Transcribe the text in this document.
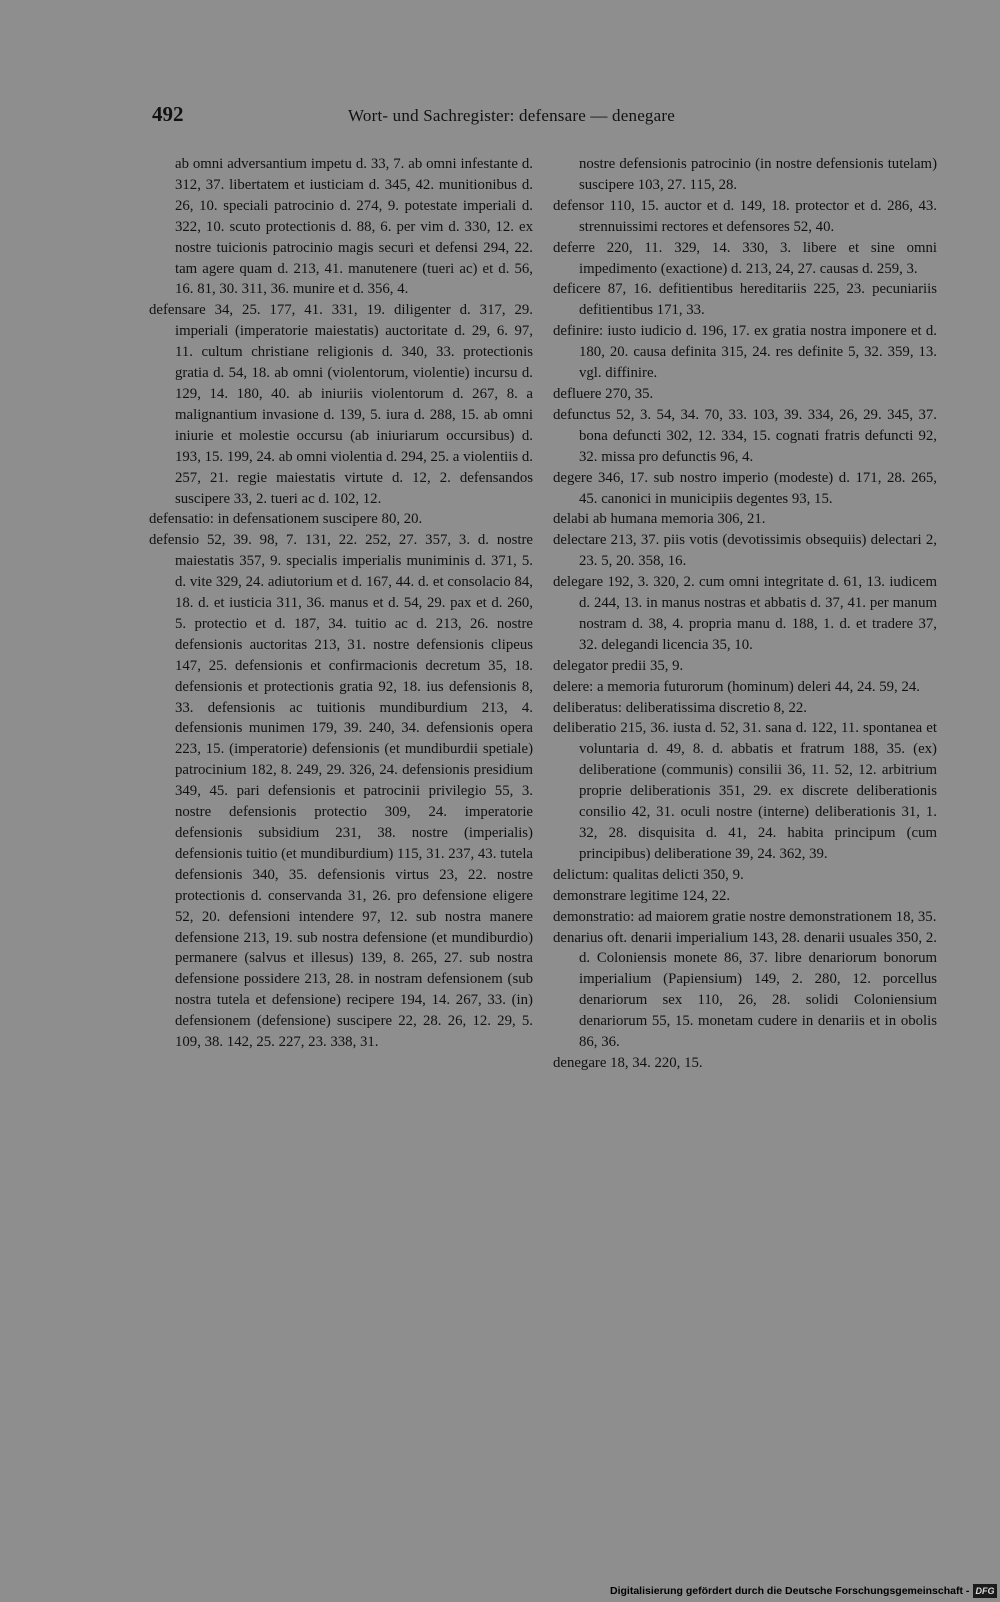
492	Wort- und Sachregister: defensare — denegare

ab omni adversantium impetu d. 33, 7. ab omni infestante d. 312, 37. libertatem et iusticiam d. 345, 42. munitionibus d. 26, 10. speciali patrocinio d. 274, 9. potestate imperiali d. 322, 10. scuto protectionis d. 88, 6. per vim d. 330, 12. ex nostre tuicionis patrocinio magis securi et defensi 294, 22. tam agere quam d. 213, 41. manutenere (tueri ac) et d. 56, 16. 81, 30. 311, 36. munire et d. 356, 4.

defensare 34, 25. 177, 41. 331, 19. diligenter d. 317, 29. imperiali (imperatorie maiestatis) auctoritate d. 29, 6. 97, 11. cultum christiane religionis d. 340, 33. protectionis gratia d. 54, 18. ab omni (violentorum, violentie) incursu d. 129, 14. 180, 40. ab iniuriis violentorum d. 267, 8. a malignantium invasione d. 139, 5. iura d. 288, 15. ab omni iniurie et molestie occursu (ab iniuriarum occursibus) d. 193, 15. 199, 24. ab omni violentia d. 294, 25. a violentiis d. 257, 21. regie maiestatis virtute d. 12, 2. defensandos suscipere 33, 2. tueri ac d. 102, 12.

defensatio: in defensationem suscipere 80, 20.

defensio 52, 39. 98, 7. 131, 22. 252, 27. 357, 3. d. nostre maiestatis 357, 9. specialis imperialis muniminis d. 371, 5. d. vite 329, 24. adiutorium et d. 167, 44. d. et consolacio 84, 18. d. et iusticia 311, 36. manus et d. 54, 29. pax et d. 260, 5. protectio et d. 187, 34. tuitio ac d. 213, 26. nostre defensionis auctoritas 213, 31. nostre defensionis clipeus 147, 25. defensionis et confirmacionis decretum 35, 18. defensionis et protectionis gratia 92, 18. ius defensionis 8, 33. defensionis ac tuitionis mundiburdium 213, 4. defensionis munimen 179, 39. 240, 34. defensionis opera 223, 15. (imperatorie) defensionis (et mundiburdii spetiale) patrocinium 182, 8. 249, 29. 326, 24. defensionis presidium 349, 45. pari defensionis et patrocinii privilegio 55, 3. nostre defensionis protectio 309, 24. imperatorie defensionis subsidium 231, 38. nostre (imperialis) defensionis tuitio (et mundiburdium) 115, 31. 237, 43. tutela defensionis 340, 35. defensionis virtus 23, 22. nostre protectionis d. conservanda 31, 26. pro defensione eligere 52, 20. defensioni intendere 97, 12. sub nostra manere defensione 213, 19. sub nostra defensione (et mundiburdio) permanere (salvus et illesus) 139, 8. 265, 27. sub nostra defensione possidere 213, 28. in nostram defensionem (sub nostra tutela et defensione) recipere 194, 14. 267, 33. (in) defensionem (defensione) suscipere 22, 28. 26, 12. 29, 5. 109, 38. 142, 25. 227, 23. 338, 31.

nostre defensionis patrocinio (in nostre defensionis tutelam) suscipere 103, 27. 115, 28.

defensor 110, 15. auctor et d. 149, 18. protector et d. 286, 43. strennuissimi rectores et defensores 52, 40.

deferre 220, 11. 329, 14. 330, 3. libere et sine omni impedimento (exactione) d. 213, 24, 27. causas d. 259, 3.

deficere 87, 16. defitientibus hereditariis 225, 23. pecuniariis defitientibus 171, 33.

definire: iusto iudicio d. 196, 17. ex gratia nostra imponere et d. 180, 20. causa definita 315, 24. res definite 5, 32. 359, 13. vgl. diffinire.

defluere 270, 35.

defunctus 52, 3. 54, 34. 70, 33. 103, 39. 334, 26, 29. 345, 37. bona defuncti 302, 12. 334, 15. cognati fratris defuncti 92, 32. missa pro defunctis 96, 4.

degere 346, 17. sub nostro imperio (modeste) d. 171, 28. 265, 45. canonici in municipiis degentes 93, 15.

delabi ab humana memoria 306, 21.

delectare 213, 37. piis votis (devotissimis obsequiis) delectari 2, 23. 5, 20. 358, 16.

delegare 192, 3. 320, 2. cum omni integritate d. 61, 13. iudicem d. 244, 13. in manus nostras et abbatis d. 37, 41. per manum nostram d. 38, 4. propria manu d. 188, 1. d. et tradere 37, 32. delegandi licencia 35, 10.

delegator predii 35, 9.

delere: a memoria futurorum (hominum) deleri 44, 24. 59, 24.

deliberatus: deliberatissima discretio 8, 22.

deliberatio 215, 36. iusta d. 52, 31. sana d. 122, 11. spontanea et voluntaria d. 49, 8. d. abbatis et fratrum 188, 35. (ex) deliberatione (communis) consilii 36, 11. 52, 12. arbitrium proprie deliberationis 351, 29. ex discrete deliberationis consilio 42, 31. oculi nostre (interne) deliberationis 31, 1. 32, 28. disquisita d. 41, 24. habita principum (cum principibus) deliberatione 39, 24. 362, 39.

delictum: qualitas delicti 350, 9.

demonstrare legitime 124, 22.

demonstratio: ad maiorem gratie nostre demonstrationem 18, 35.

denarius oft. denarii imperialium 143, 28. denarii usuales 350, 2. d. Coloniensis monete 86, 37. libre denariorum bonorum imperialium (Papiensium) 149, 2. 280, 12. porcellus denariorum sex 110, 26, 28. solidi Coloniensium denariorum 55, 15. monetam cudere in denariis et in obolis 86, 36.

denegare 18, 34. 220, 15.

Digitalisierung gefördert durch die Deutsche Forschungsgemeinschaft - DFG
